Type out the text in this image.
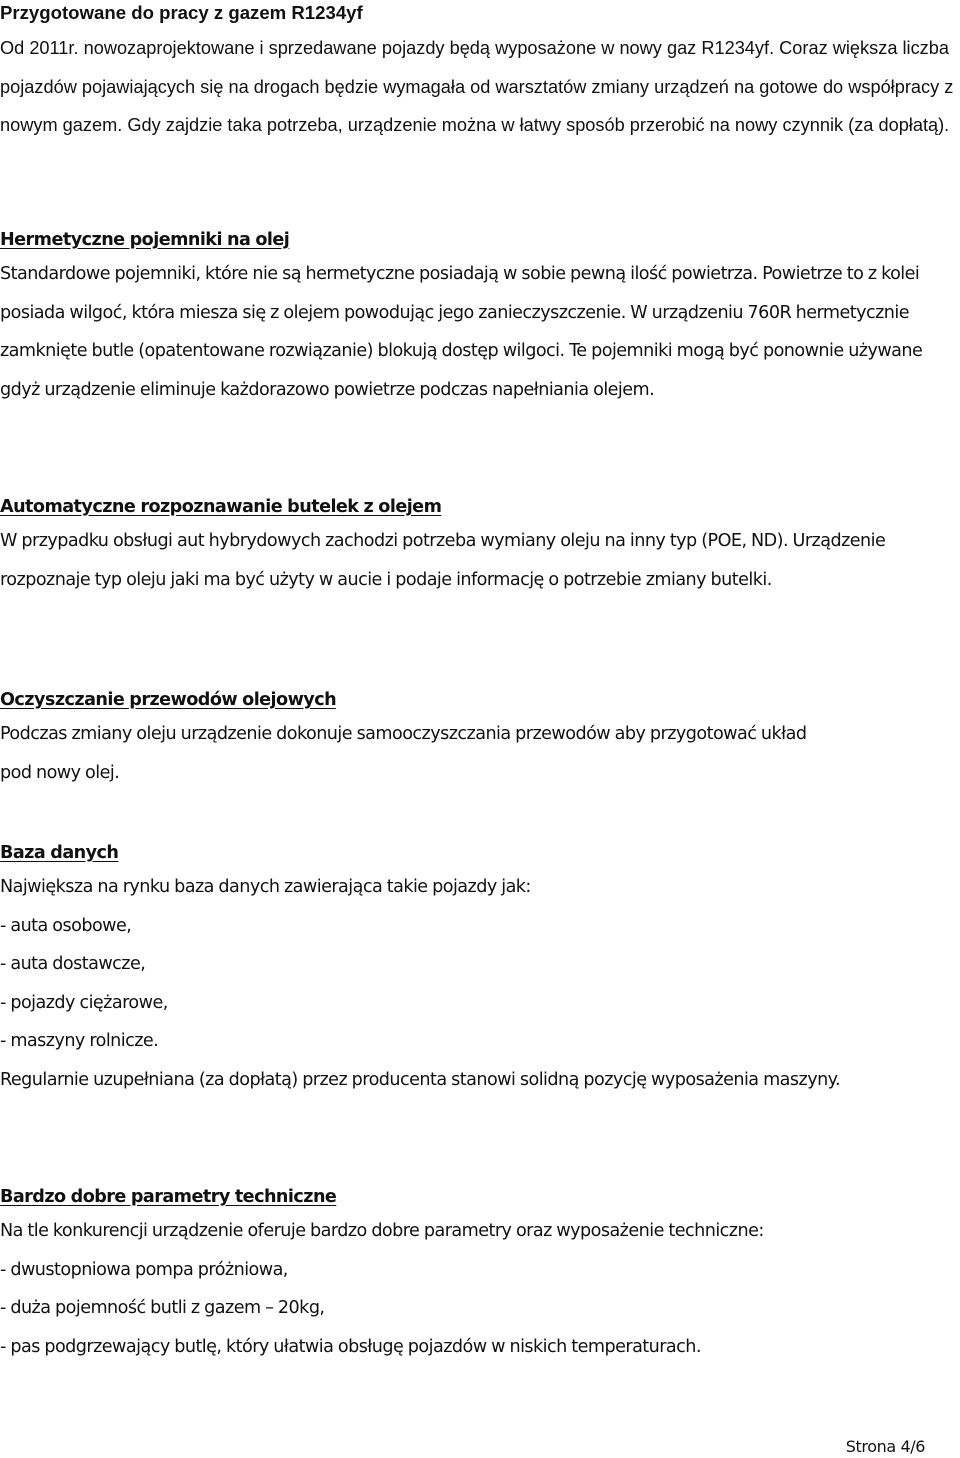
Przygotowane do pracy z gazem R1234yf

Od 2011r. nowozaprojektowane i sprzedawane pojazdy będą wyposażone w nowy gaz R1234yf. Coraz większa liczba pojazdów pojawiających się na drogach będzie wymagała od warsztatów zmiany urządzeń na gotowe do współpracy z nowym gazem. Gdy zajdzie taka potrzeba, urządzenie można w łatwy sposób przerobić na nowy czynnik (za dopłatą).

Hermetyczne pojemniki na olej

Standardowe pojemniki, które nie są hermetyczne posiadają w sobie pewną ilość powietrza. Powietrze to z kolei posiada wilgoć, która miesza się z olejem powodując jego zanieczyszczenie. W urządzeniu 760R hermetycznie zamknięte butle (opatentowane rozwiązanie) blokują dostęp wilgoci. Te pojemniki mogą być ponownie używane gdyż urządzenie eliminuje każdorazowo powietrze podczas napełniania olejem.

Automatyczne rozpoznawanie butelek z olejem

W przypadku obsługi aut hybrydowych zachodzi potrzeba wymiany oleju na inny typ (POE, ND). Urządzenie rozpoznaje typ oleju jaki ma być użyty w aucie i podaje informację o potrzebie zmiany butelki.

Oczyszczanie przewodów olejowych
Podczas zmiany oleju urządzenie dokonuje samooczyszczania przewodów aby przygotować układ
pod nowy olej.
Baza danych
Największa na rynku baza danych zawierająca takie pojazdy jak:
- auta osobowe,
- auta dostawcze,
- pojazdy ciężarowe,
- maszyny rolnicze.
Regularnie uzupełniana (za dopłatą) przez producenta stanowi solidną pozycję wyposażenia maszyny.
Bardzo dobre parametry techniczne
Na tle konkurencji urządzenie oferuje bardzo dobre parametry oraz wyposażenie techniczne:
- dwustopniowa pompa próżniowa,
- duża pojemność butli z gazem – 20kg,
- pas podgrzewający butlę, który ułatwia obsługę pojazdów w niskich temperaturach.
Strona 4/6
